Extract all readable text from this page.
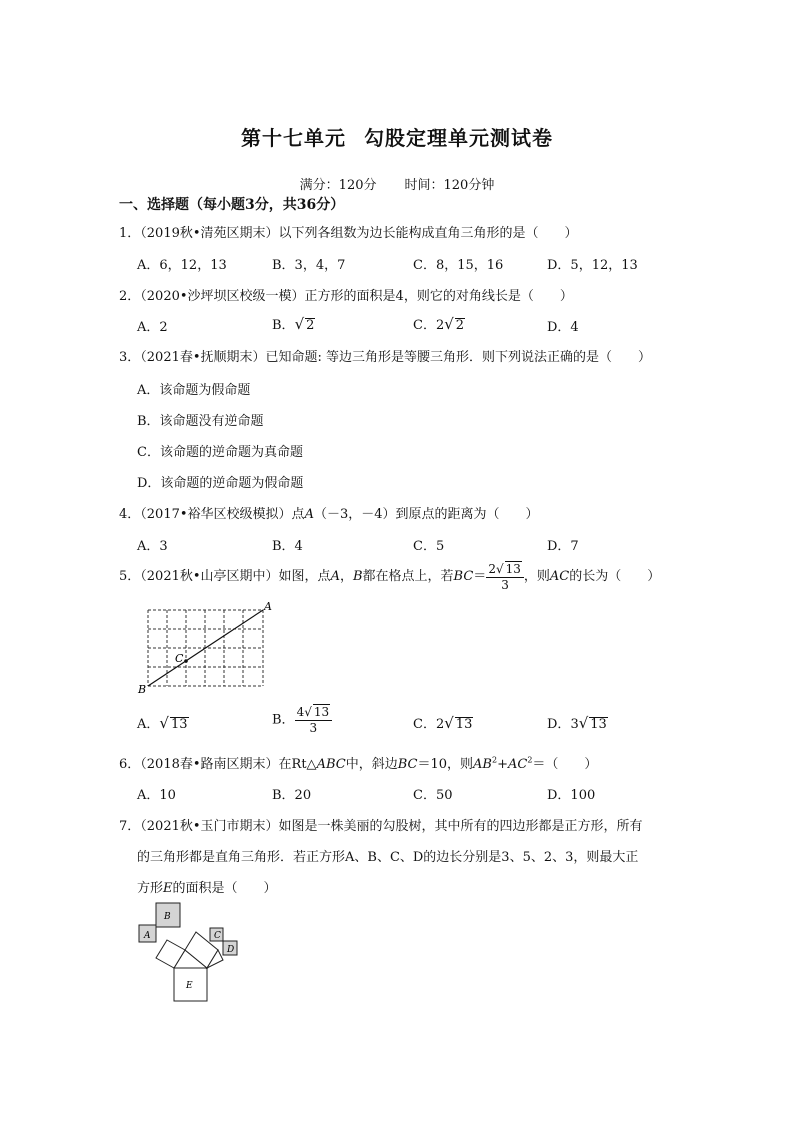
第十七单元 勾股定理单元测试卷
满分：120分 时间：120分钟
一、选择题（每小题3分，共36分）
1．（2019秋•清苑区期末）以下列各组数为边长能构成直角三角形的是（　　）
A．6，12，13	B．3，4，7	C．8，15，16	D．5，12，13
2．（2020•沙坪坝区校级一模）正方形的面积是4，则它的对角线长是（　　）
A．2	B．√ 2	C．2√ 2	D．4
3．（2021春•抚顺期末）已知命题: 等边三角形是等腰三角形．则下列说法正确的是（　　）
A．该命题为假命题
B．该命题没有逆命题
C．该命题的逆命题为真命题
D．该命题的逆命题为假命题
4．（2017•裕华区校级模拟）点A（－3，－4）到原点的距离为（　　）
A．3	B．4	C．5	D．7
5．（2021秋•山亭区期中）如图，点A，B都在格点上，若$BC= \frac{2√ 13}{3}$ ，则AC的长为（　　）
A
B
C
A．√ 13	B． $\frac{4√ 13}{3}$	C．2√ 13	D．3√ 13
6．（2018春•路南区期末）在Rt△ABC中，斜边BC＝10，则$AB^2+AC^2=$（　　）
A．10	B．20	C．50	D．100
7．（2021秋•玉门市期末）如图是一株美丽的勾股树，其中所有的四边形都是正方形，所有
的三角形都是直角三角形．若正方形A、B、C、D的边长分别是3、5、2、3，则最大正
方形E的面积是（　　）
A
B
C
D
E
